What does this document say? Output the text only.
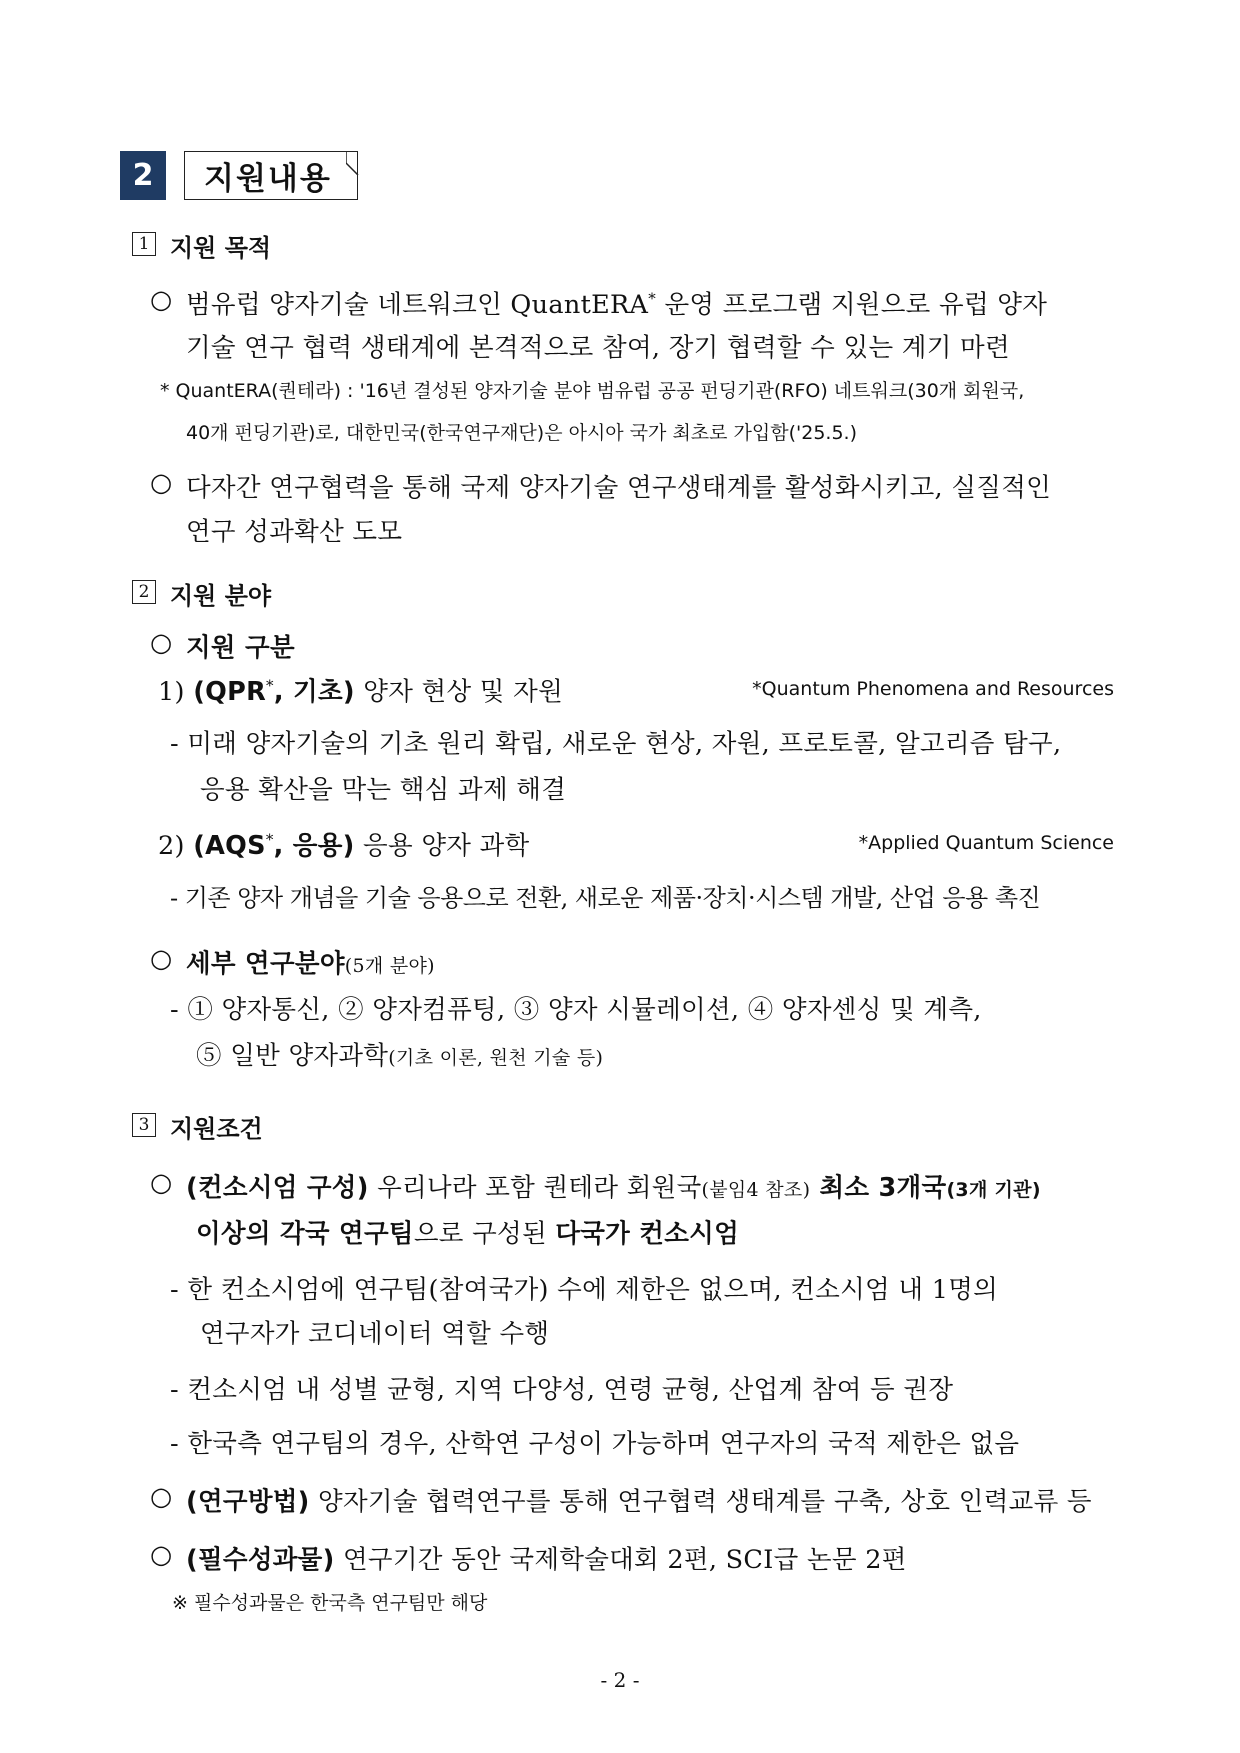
2 지원내용
1 지원 목적
○ 범유럽 양자기술 네트워크인 QuantERA* 운영 프로그램 지원으로 유럽 양자
기술 연구 협력 생태계에 본격적으로 참여, 장기 협력할 수 있는 계기 마련
* QuantERA(퀀테라) : '16년 결성된 양자기술 분야 범유럽 공공 펀딩기관(RFO) 네트워크(30개 회원국,
40개 펀딩기관)로, 대한민국(한국연구재단)은 아시아 국가 최초로 가입함('25.5.)
○ 다자간 연구협력을 통해 국제 양자기술 연구생태계를 활성화시키고, 실질적인
연구 성과확산 도모
2 지원 분야
○ 지원 구분
1) (QPR*, 기초) 양자 현상 및 자원	*Quantum Phenomena and Resources
- 미래 양자기술의 기초 원리 확립, 새로운 현상, 자원, 프로토콜, 알고리즘 탐구,
응용 확산을 막는 핵심 과제 해결
2) (AQS*, 응용) 응용 양자 과학	*Applied Quantum Science
- 기존 양자 개념을 기술 응용으로 전환, 새로운 제품·장치·시스템 개발, 산업 응용 촉진
○ 세부 연구분야(5개 분야)
- ① 양자통신, ② 양자컴퓨팅, ③ 양자 시뮬레이션, ④ 양자센싱 및 계측,
⑤ 일반 양자과학(기초 이론, 원천 기술 등)
3 지원조건
○ (컨소시엄 구성) 우리나라 포함 퀀테라 회원국(붙임4 참조) 최소 3개국(3개 기관)
이상의 각국 연구팀으로 구성된 다국가 컨소시엄
- 한 컨소시엄에 연구팀(참여국가) 수에 제한은 없으며, 컨소시엄 내 1명의
연구자가 코디네이터 역할 수행
- 컨소시엄 내 성별 균형, 지역 다양성, 연령 균형, 산업계 참여 등 권장
- 한국측 연구팀의 경우, 산학연 구성이 가능하며 연구자의 국적 제한은 없음
○ (연구방법) 양자기술 협력연구를 통해 연구협력 생태계를 구축, 상호 인력교류 등
○ (필수성과물) 연구기간 동안 국제학술대회 2편, SCI급 논문 2편
※ 필수성과물은 한국측 연구팀만 해당
- 2 -
